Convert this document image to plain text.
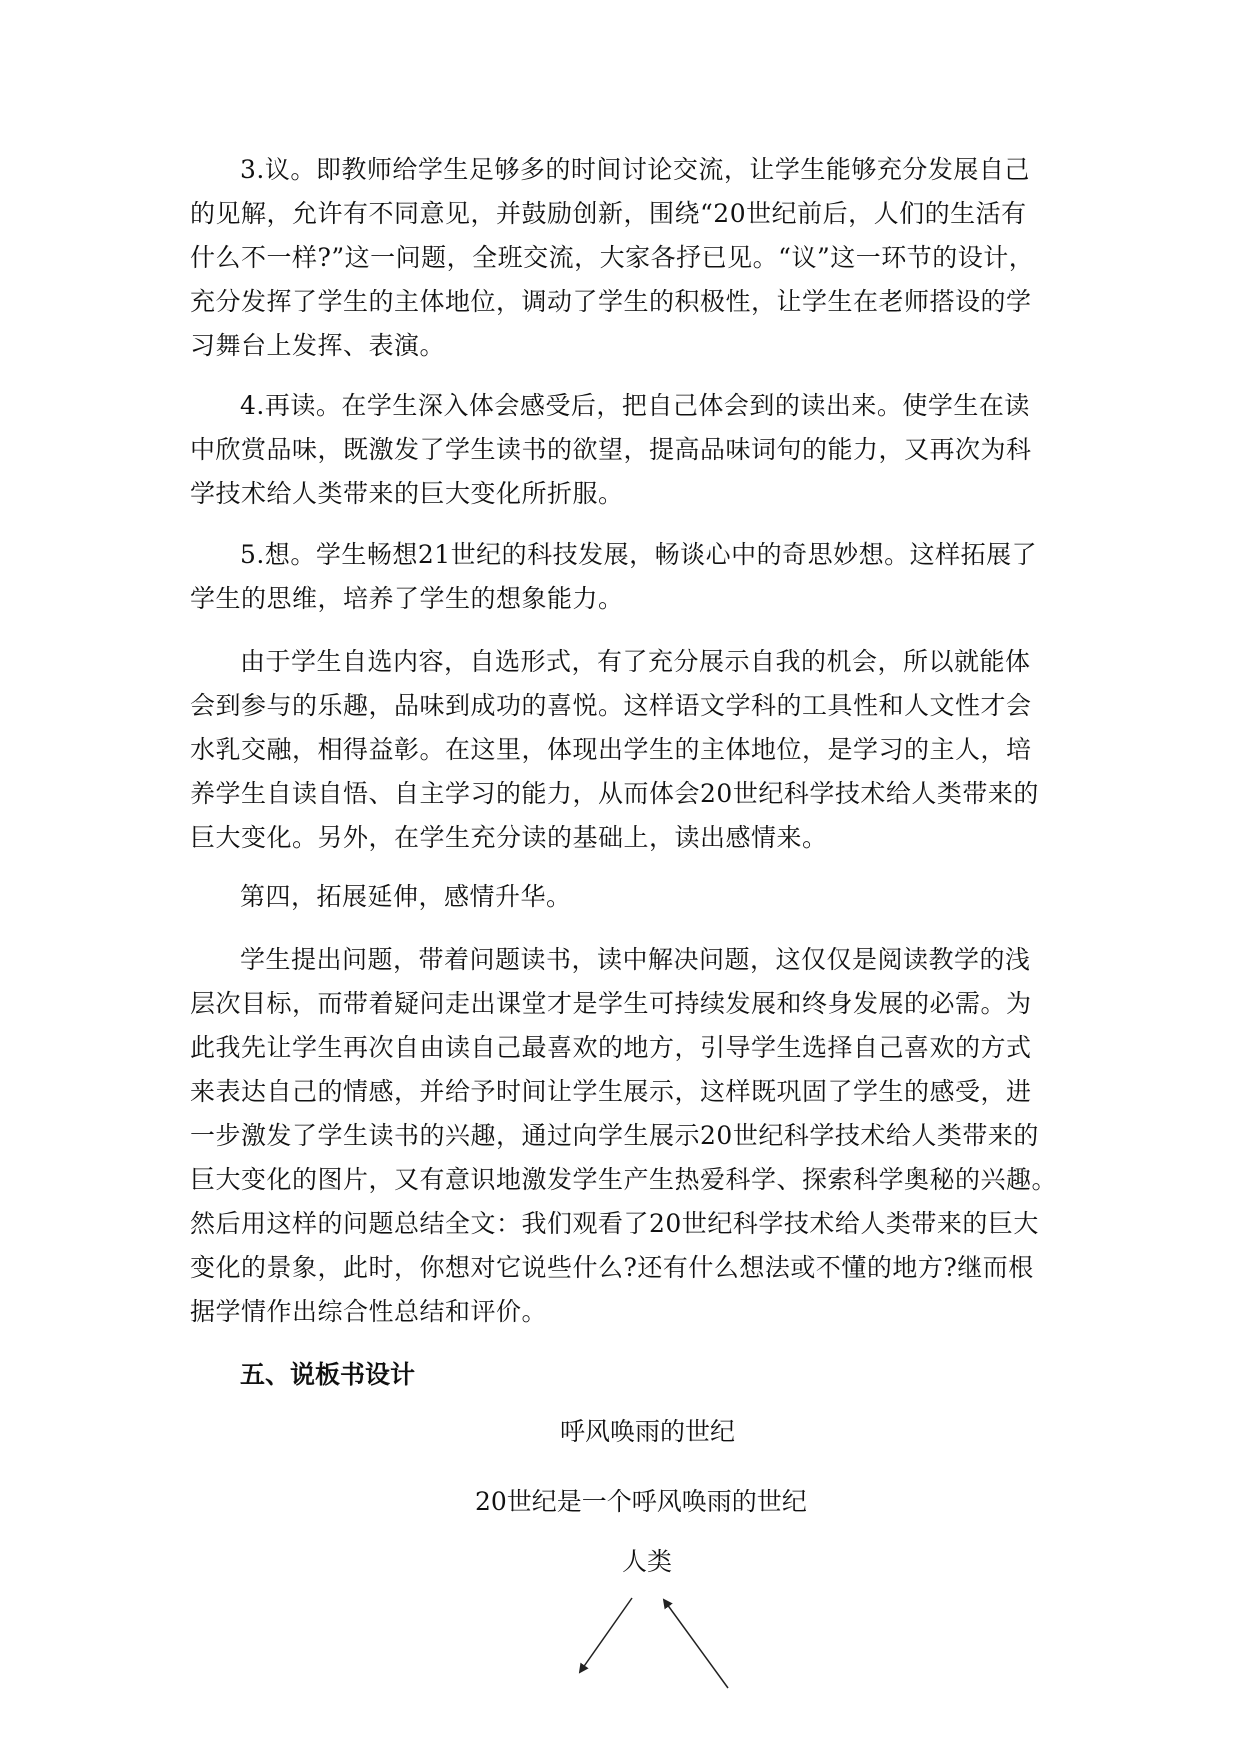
3.议。即教师给学生足够多的时间讨论交流，让学生能够充分发展自己
的见解，允许有不同意见，并鼓励创新，围绕“20世纪前后，人们的生活有
什么不一样?”这一问题，全班交流，大家各抒已见。“议”这一环节的设计，
充分发挥了学生的主体地位，调动了学生的积极性，让学生在老师搭设的学
习舞台上发挥、表演。

4.再读。在学生深入体会感受后，把自己体会到的读出来。使学生在读
中欣赏品味，既激发了学生读书的欲望，提高品味词句的能力，又再次为科
学技术给人类带来的巨大变化所折服。

5.想。学生畅想21世纪的科技发展，畅谈心中的奇思妙想。这样拓展了
学生的思维，培养了学生的想象能力。

由于学生自选内容，自选形式，有了充分展示自我的机会，所以就能体
会到参与的乐趣，品味到成功的喜悦。这样语文学科的工具性和人文性才会
水乳交融，相得益彰。在这里，体现出学生的主体地位，是学习的主人，培
养学生自读自悟、自主学习的能力，从而体会20世纪科学技术给人类带来的
巨大变化。另外，在学生充分读的基础上，读出感情来。

第四，拓展延伸，感情升华。

学生提出问题，带着问题读书，读中解决问题，这仅仅是阅读教学的浅
层次目标，而带着疑问走出课堂才是学生可持续发展和终身发展的必需。为
此我先让学生再次自由读自己最喜欢的地方，引导学生选择自己喜欢的方式
来表达自己的情感，并给予时间让学生展示，这样既巩固了学生的感受，进
一步激发了学生读书的兴趣，通过向学生展示20世纪科学技术给人类带来的
巨大变化的图片，又有意识地激发学生产生热爱科学、探索科学奥秘的兴趣。
然后用这样的问题总结全文：我们观看了20世纪科学技术给人类带来的巨大
变化的景象，此时，你想对它说些什么?还有什么想法或不懂的地方?继而根
据学情作出综合性总结和评价。

五、说板书设计

呼风唤雨的世纪

20世纪是一个呼风唤雨的世纪

人类
